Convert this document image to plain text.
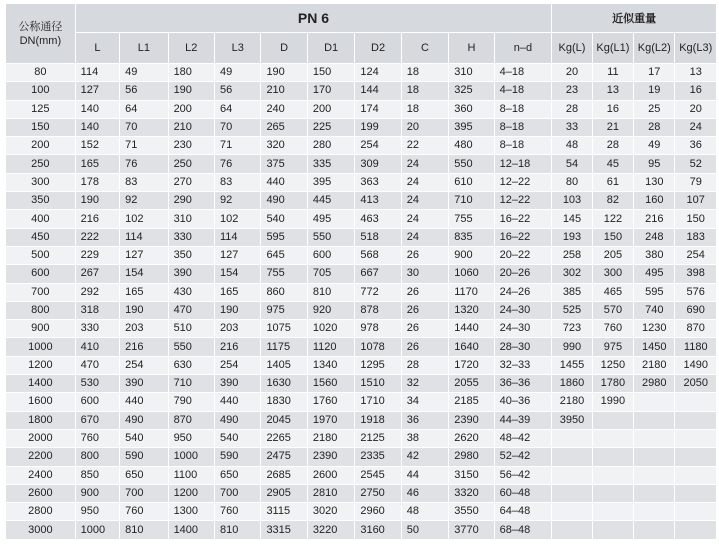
公称通径
DN(mm)	PN 6										近似重量			
	L	L1	L2	L3	D	D1	D2	C	H	n–d	Kg(L)	Kg(L1)	Kg(L2)	Kg(L3)
80	114	49	180	49	190	150	124	18	310	4–18	20	11	17	13
100	127	56	190	56	210	170	144	18	325	4–18	23	13	19	16
125	140	64	200	64	240	200	174	18	360	8–18	28	16	25	20
150	140	70	210	70	265	225	199	20	395	8–18	33	21	28	24
200	152	71	230	71	320	280	254	22	480	8–18	48	28	49	36
250	165	76	250	76	375	335	309	24	550	12–18	54	45	95	52
300	178	83	270	83	440	395	363	24	610	12–22	80	61	130	79
350	190	92	290	92	490	445	413	24	710	12–22	103	82	160	107
400	216	102	310	102	540	495	463	24	755	16–22	145	122	216	150
450	222	114	330	114	595	550	518	24	835	16–22	193	150	248	183
500	229	127	350	127	645	600	568	26	900	20–22	258	205	380	254
600	267	154	390	154	755	705	667	30	1060	20–26	302	300	495	398
700	292	165	430	165	860	810	772	26	1170	24–26	385	465	595	576
800	318	190	470	190	975	920	878	26	1320	24–30	525	570	740	690
900	330	203	510	203	1075	1020	978	26	1440	24–30	723	760	1230	870
1000	410	216	550	216	1175	1120	1078	26	1640	28–30	990	975	1450	1180
1200	470	254	630	254	1405	1340	1295	28	1720	32–33	1455	1250	2180	1490
1400	530	390	710	390	1630	1560	1510	32	2055	36–36	1860	1780	2980	2050
1600	600	440	790	440	1830	1760	1710	34	2185	40–36	2180	1990		
1800	670	490	870	490	2045	1970	1918	36	2390	44–39	3950			
2000	760	540	950	540	2265	2180	2125	38	2620	48–42				
2200	800	590	1000	590	2475	2390	2335	42	2980	52–42				
2400	850	650	1100	650	2685	2600	2545	44	3150	56–42				
2600	900	700	1200	700	2905	2810	2750	46	3320	60–48				
2800	950	760	1300	760	3115	3020	2960	48	3550	64–48				
3000	1000	810	1400	810	3315	3220	3160	50	3770	68–48				
